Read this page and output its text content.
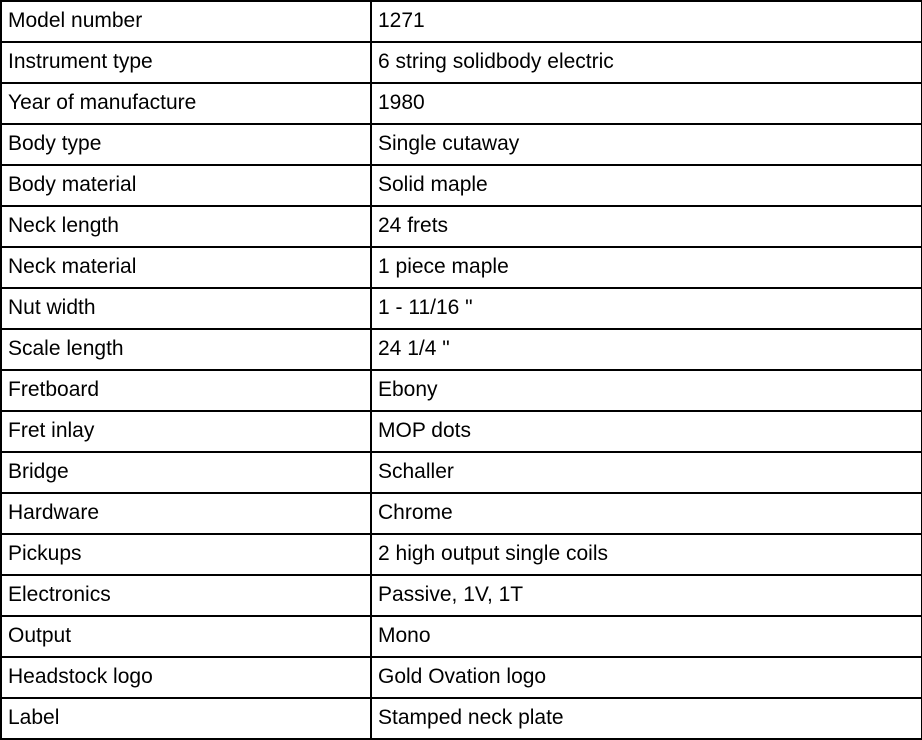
Model number	1271
Instrument type	6 string solidbody electric
Year of manufacture	1980
Body type	Single cutaway
Body material	Solid maple
Neck length	24 frets
Neck material	1 piece maple
Nut width	1 - 11/16 "
Scale length	24 1/4 "
Fretboard	Ebony
Fret inlay	MOP dots
Bridge	Schaller
Hardware	Chrome
Pickups	2 high output single coils
Electronics	Passive, 1V, 1T
Output	Mono
Headstock logo	Gold Ovation logo
Label	Stamped neck plate
